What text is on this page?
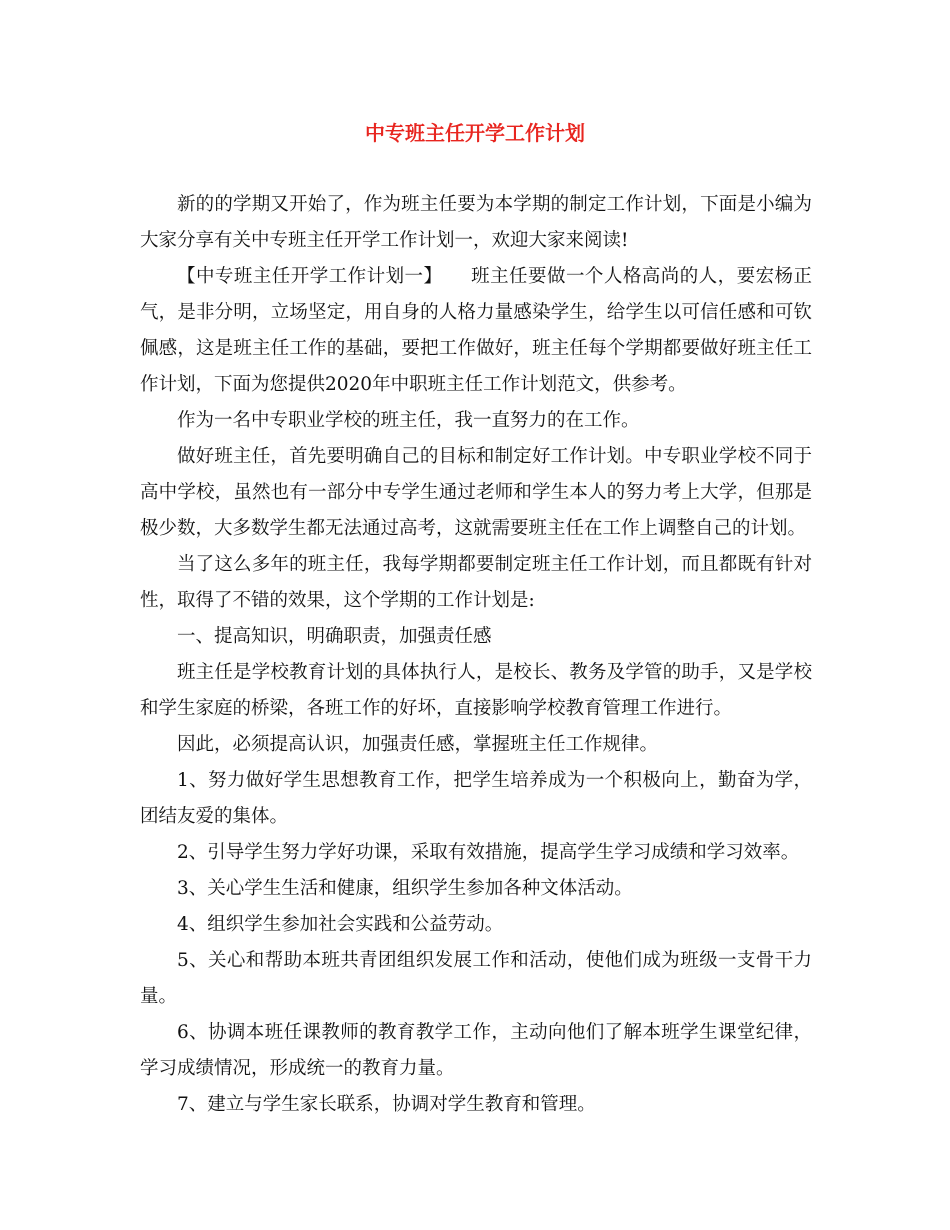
中专班主任开学工作计划

新的的学期又开始了，作为班主任要为本学期的制定工作计划，下面是小编为大家分享有关中专班主任开学工作计划一，欢迎大家来阅读!

【中专班主任开学工作计划一】　　班主任要做一个人格高尚的人，要宏杨正气，是非分明，立场坚定，用自身的人格力量感染学生，给学生以可信任感和可钦佩感，这是班主任工作的基础，要把工作做好，班主任每个学期都要做好班主任工作计划，下面为您提供2020年中职班主任工作计划范文，供参考。

作为一名中专职业学校的班主任，我一直努力的在工作。

做好班主任，首先要明确自己的目标和制定好工作计划。中专职业学校不同于高中学校，虽然也有一部分中专学生通过老师和学生本人的努力考上大学，但那是极少数，大多数学生都无法通过高考，这就需要班主任在工作上调整自己的计划。

当了这么多年的班主任，我每学期都要制定班主任工作计划，而且都既有针对性，取得了不错的效果，这个学期的工作计划是:

一、提高知识，明确职责，加强责任感

班主任是学校教育计划的具体执行人，是校长、教务及学管的助手，又是学校和学生家庭的桥梁，各班工作的好坏，直接影响学校教育管理工作进行。

因此，必须提高认识，加强责任感，掌握班主任工作规律。

1、努力做好学生思想教育工作，把学生培养成为一个积极向上，勤奋为学，团结友爱的集体。

2、引导学生努力学好功课，采取有效措施，提高学生学习成绩和学习效率。

3、关心学生生活和健康，组织学生参加各种文体活动。

4、组织学生参加社会实践和公益劳动。

5、关心和帮助本班共青团组织发展工作和活动，使他们成为班级一支骨干力量。

6、协调本班任课教师的教育教学工作，主动向他们了解本班学生课堂纪律，学习成绩情况，形成统一的教育力量。

7、建立与学生家长联系，协调对学生教育和管理。
